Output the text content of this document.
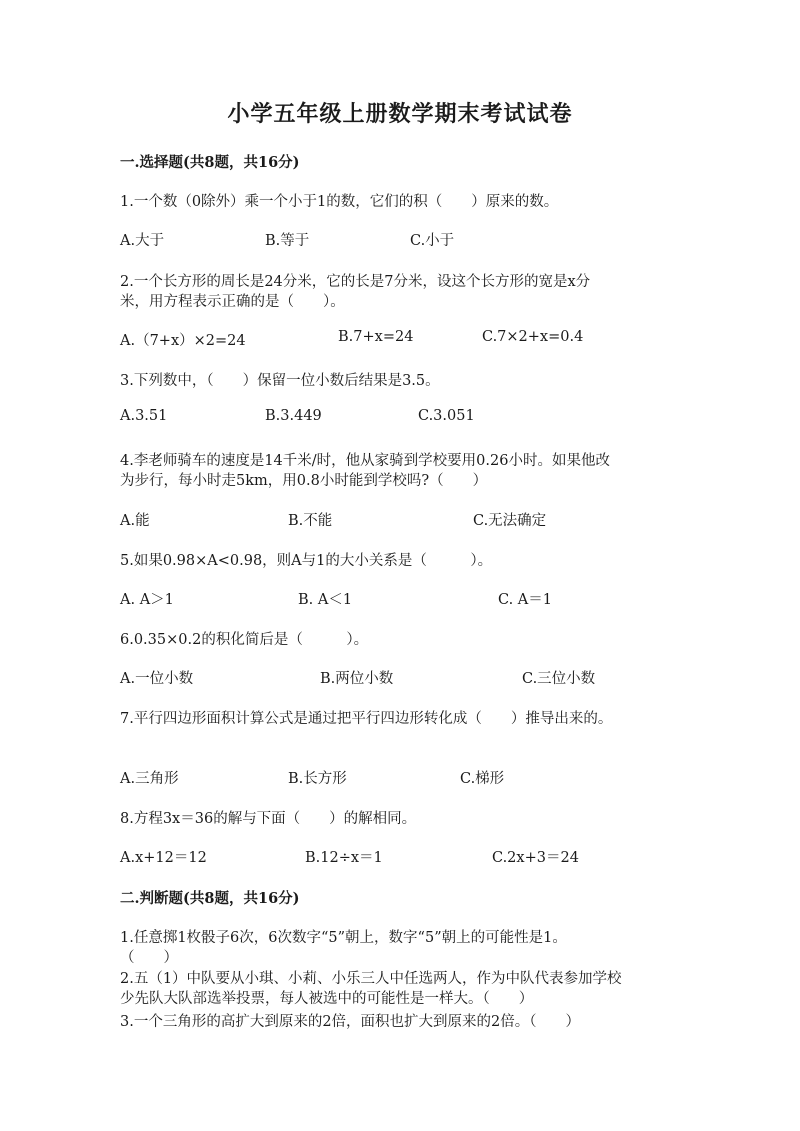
小学五年级上册数学期末考试试卷
一.选择题(共8题，共16分)
1.一个数（0除外）乘一个小于1的数，它们的积（　　）原来的数。
A.大于	B.等于	C.小于
2.一个长方形的周长是24分米，它的长是7分米，设这个长方形的宽是x分
米，用方程表示正确的是（　　）。
A.（7+x）×2=24	B.7+x=24	C.7×2+x=0.4
3.下列数中，（　　）保留一位小数后结果是3.5。
A.3.51	B.3.449	C.3.051
4.李老师骑车的速度是14千米/时，他从家骑到学校要用0.26小时。如果他改
为步行，每小时走5km，用0.8小时能到学校吗?（　　）
A.能	B.不能	C.无法确定
5.如果0.98×A<0.98，则A与1的大小关系是（　　　）。
A. A＞1	B. A＜1	C. A＝1
6.0.35×0.2的积化简后是（　　　）。
A.一位小数	B.两位小数	C.三位小数
7.平行四边形面积计算公式是通过把平行四边形转化成（　　）推导出来的。
A.三角形	B.长方形	C.梯形
8.方程3x＝36的解与下面（　　）的解相同。
A.x+12＝12	B.12÷x＝1	C.2x+3＝24
二.判断题(共8题，共16分)
1.任意掷1枚骰子6次，6次数字“5”朝上，数字“5”朝上的可能性是1。
（　　）
2.五（1）中队要从小琪、小莉、小乐三人中任选两人，作为中队代表参加学校
少先队大队部选举投票，每人被选中的可能性是一样大。（　　）
3.一个三角形的高扩大到原来的2倍，面积也扩大到原来的2倍。（　　）
